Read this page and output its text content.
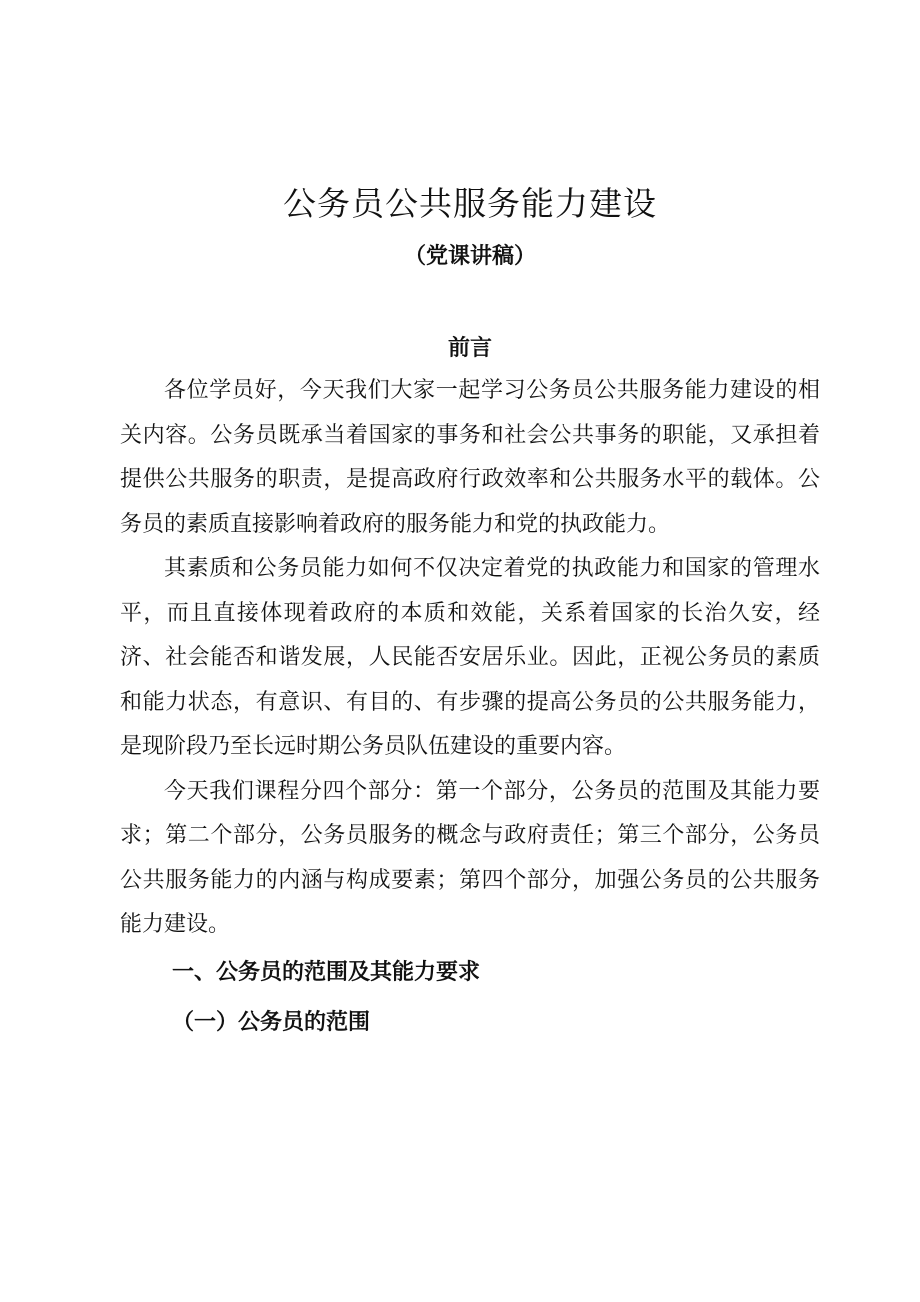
公务员公共服务能力建设
（党课讲稿）
前言

各位学员好，今天我们大家一起学习公务员公共服务能力建设的相关内容。公务员既承当着国家的事务和社会公共事务的职能，又承担着提供公共服务的职责，是提高政府行政效率和公共服务水平的载体。公务员的素质直接影响着政府的服务能力和党的执政能力。

其素质和公务员能力如何不仅决定着党的执政能力和国家的管理水平，而且直接体现着政府的本质和效能，关系着国家的长治久安，经济、社会能否和谐发展，人民能否安居乐业。因此，正视公务员的素质和能力状态，有意识、有目的、有步骤的提高公务员的公共服务能力，是现阶段乃至长远时期公务员队伍建设的重要内容。

今天我们课程分四个部分：第一个部分，公务员的范围及其能力要求；第二个部分，公务员服务的概念与政府责任；第三个部分，公务员公共服务能力的内涵与构成要素；第四个部分，加强公务员的公共服务能力建设。

一、公务员的范围及其能力要求

（一）公务员的范围
